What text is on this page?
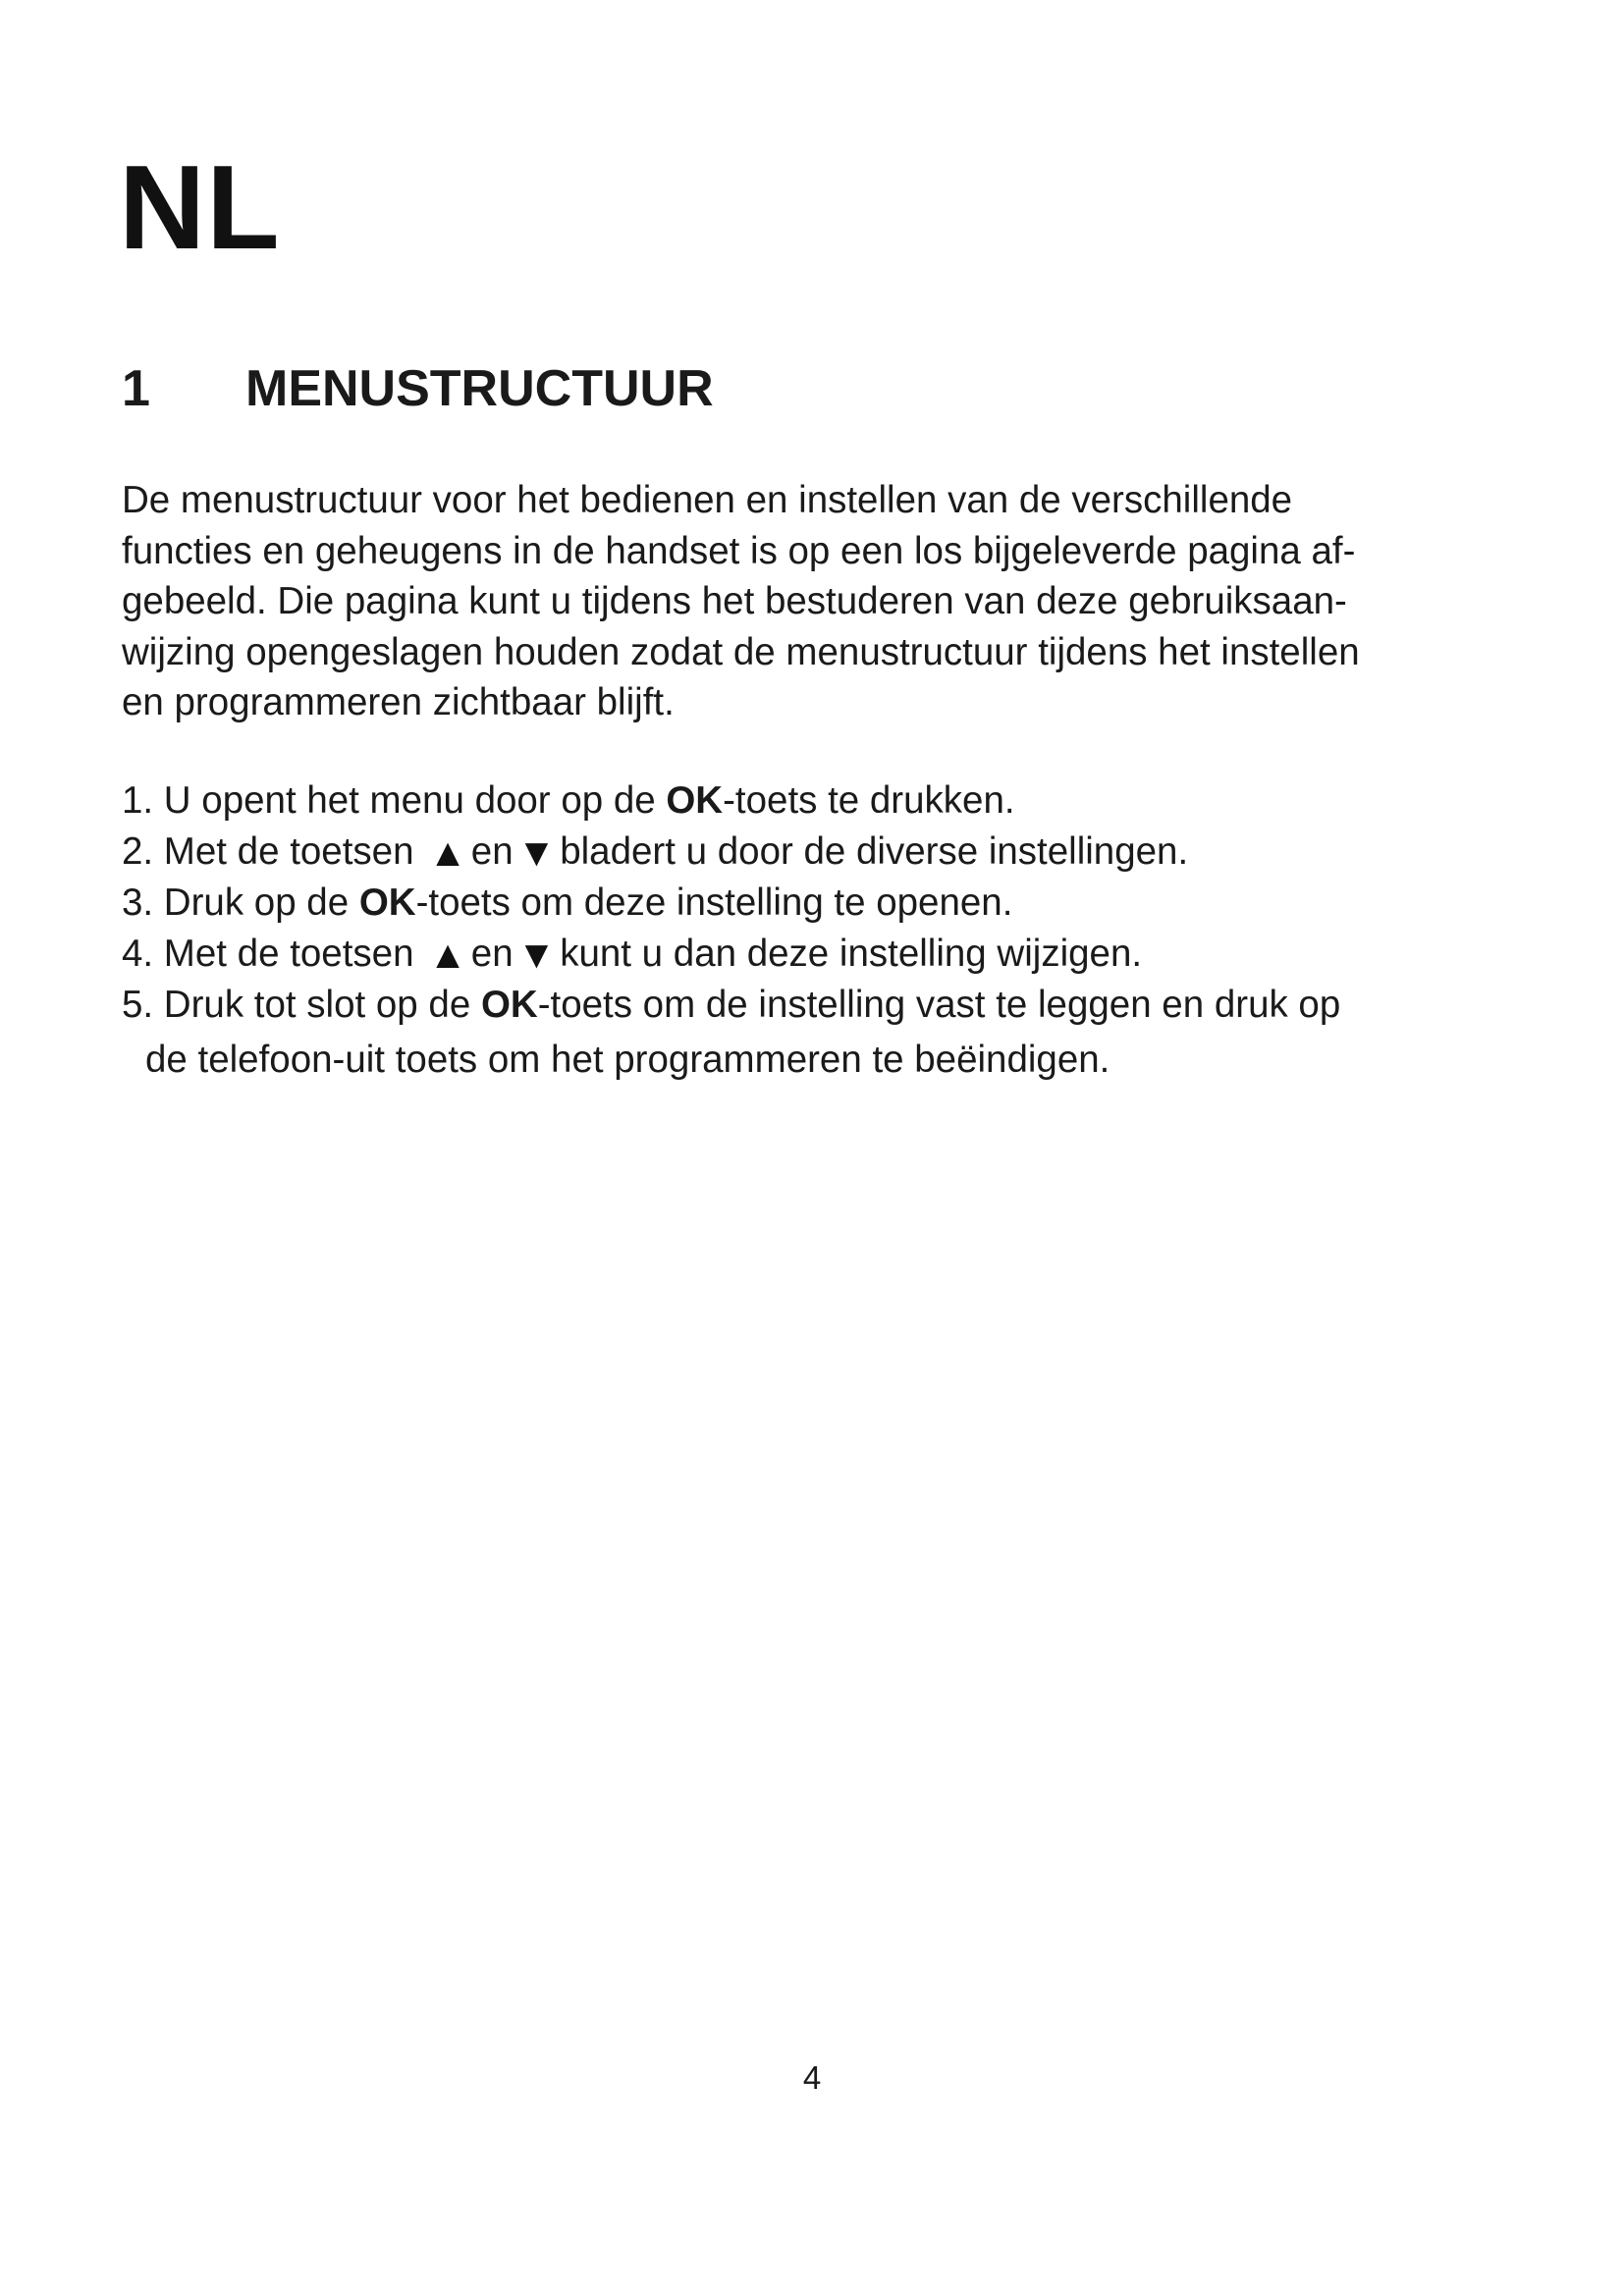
NL
1	MENUSTRUCTUUR

De menustructuur voor het bedienen en instellen van de verschillende
functies en geheugens in de handset is op een los bijgeleverde pagina af-
gebeeld. Die pagina kunt u tijdens het bestuderen van deze gebruiksaan-
wijzing opengeslagen houden zodat de menustructuur tijdens het instellen
en programmeren zichtbaar blijft.

1. U opent het menu door op de OK-toets te drukken.
2. Met de toetsen ▲ en ▼ bladert u door de diverse instellingen.
3. Druk op de OK-toets om deze instelling te openen.
4. Met de toetsen ▲ en ▼ kunt u dan deze instelling wijzigen.
5. Druk tot slot op de OK-toets om de instelling vast te leggen en druk op
de telefoon-uit toets om het programmeren te beëindigen.
4
